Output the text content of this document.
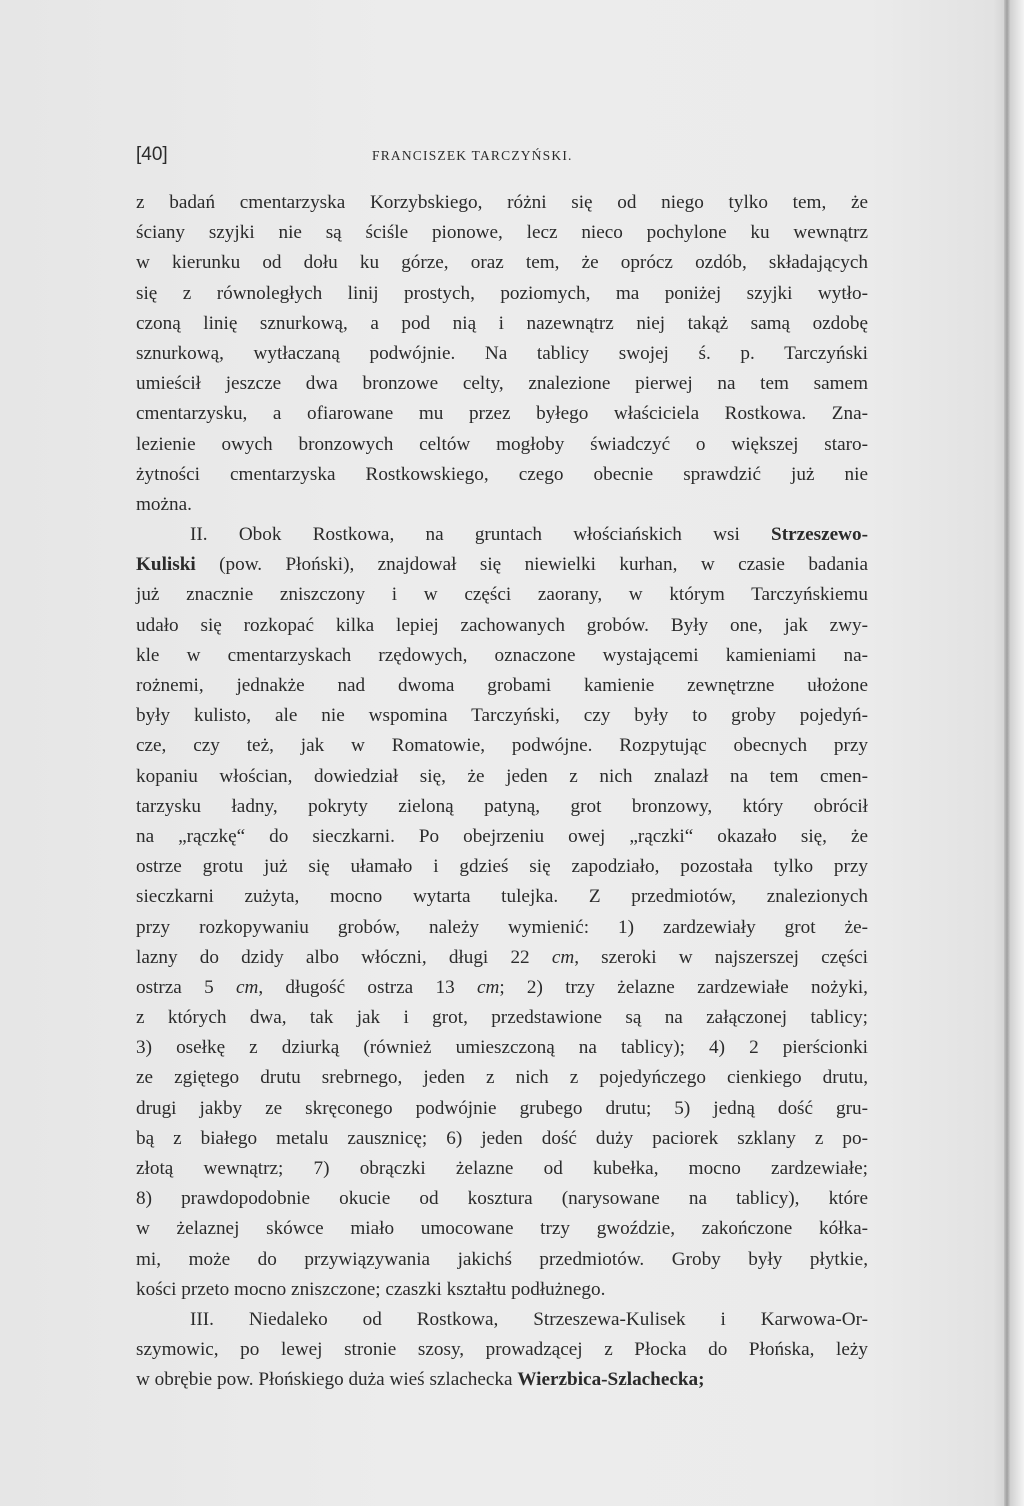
[40]	FRANCISZEK TARCZYŃSKI.
z badań cmentarzyska Korzybskiego, różni się od niego tylko tem, że
ściany szyjki nie są ściśle pionowe, lecz nieco pochylone ku wewnątrz
w kierunku od dołu ku górze, oraz tem, że oprócz ozdób, składających
się z równoległych linij prostych, poziomych, ma poniżej szyjki wytło-
czoną linię sznurkową, a pod nią i nazewnątrz niej takąż samą ozdobę
sznurkową, wytłaczaną podwójnie. Na tablicy swojej ś. p. Tarczyński
umieścił jeszcze dwa bronzowe celty, znalezione pierwej na tem samem
cmentarzysku, a ofiarowane mu przez byłego właściciela Rostkowa. Zna-
lezienie owych bronzowych celtów mogłoby świadczyć o większej staro-
żytności cmentarzyska Rostkowskiego, czego obecnie sprawdzić już nie
można.
II. Obok Rostkowa, na gruntach włościańskich wsi Strzeszewo-
Kuliski (pow. Płoński), znajdował się niewielki kurhan, w czasie badania
już znacznie zniszczony i w części zaorany, w którym Tarczyńskiemu
udało się rozkopać kilka lepiej zachowanych grobów. Były one, jak zwy-
kle w cmentarzyskach rzędowych, oznaczone wystającemi kamieniami na-
rożnemi, jednakże nad dwoma grobami kamienie zewnętrzne ułożone
były kulisto, ale nie wspomina Tarczyński, czy były to groby pojedyń-
cze, czy też, jak w Romatowie, podwójne. Rozpytując obecnych przy
kopaniu włościan, dowiedział się, że jeden z nich znalazł na tem cmen-
tarzysku ładny, pokryty zieloną patyną, grot bronzowy, który obrócił
na „rączkę“ do sieczkarni. Po obejrzeniu owej „rączki“ okazało się, że
ostrze grotu już się ułamało i gdzieś się zapodziało, pozostała tylko przy
sieczkarni zużyta, mocno wytarta tulejka. Z przedmiotów, znalezionych
przy rozkopywaniu grobów, należy wymienić: 1) zardzewiały grot że-
lazny do dzidy albo włóczni, długi 22 cm, szeroki w najszerszej części
ostrza 5 cm, długość ostrza 13 cm; 2) trzy żelazne zardzewiałe nożyki,
z których dwa, tak jak i grot, przedstawione są na załączonej tablicy;
3) osełkę z dziurką (również umieszczoną na tablicy); 4) 2 pierścionki
ze zgiętego drutu srebrnego, jeden z nich z pojedyńczego cienkiego drutu,
drugi jakby ze skręconego podwójnie grubego drutu; 5) jedną dość gru-
bą z białego metalu zausznicę; 6) jeden dość duży paciorek szklany z po-
złotą wewnątrz; 7) obrączki żelazne od kubełka, mocno zardzewiałe;
8) prawdopodobnie okucie od kosztura (narysowane na tablicy), które
w żelaznej skówce miało umocowane trzy gwoździe, zakończone kółka-
mi, może do przywiązywania jakichś przedmiotów. Groby były płytkie,
kości przeto mocno zniszczone; czaszki kształtu podłużnego.
III. Niedaleko od Rostkowa, Strzeszewa-Kulisek i Karwowa-Or-
szymowic, po lewej stronie szosy, prowadzącej z Płocka do Płońska, leży
w obrębie pow. Płońskiego duża wieś szlachecka Wierzbica-Szlachecka;
